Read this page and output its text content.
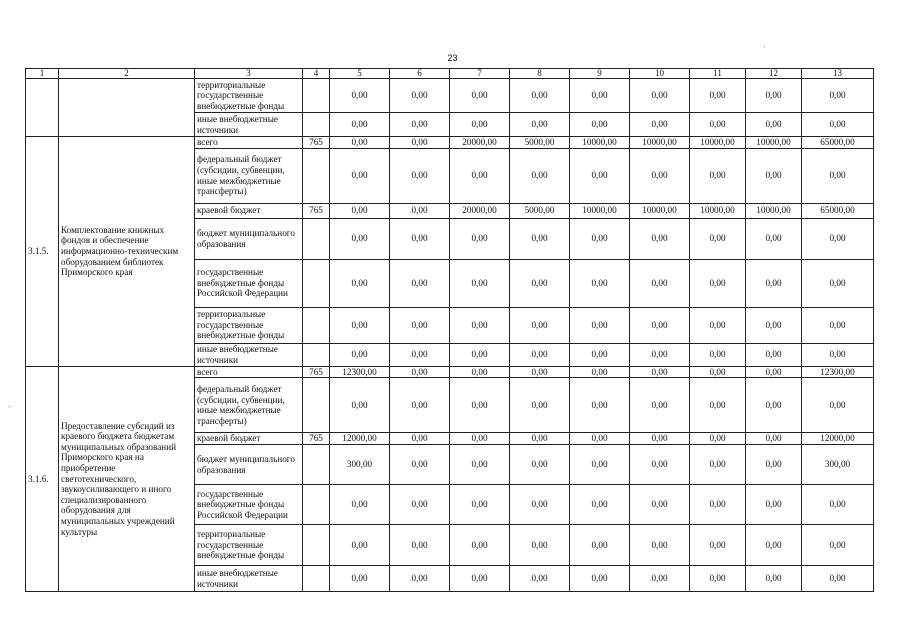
23
1	2	3	4	5	6	7	8	9	10	11	12	13
		территориальные государственные внебюджетные фонды		0,00	0,00	0,00	0,00	0,00	0,00	0,00	0,00	0,00
		иные внебюджетные источники		0,00	0,00	0,00	0,00	0,00	0,00	0,00	0,00	0,00
3.1.5.	Комплектование книжных фондов и обеспечение информационно-техническим оборудованием библиотек Приморского края	всего	765	0,00	0,00	20000,00	5000,00	10000,00	10000,00	10000,00	10000,00	65000,00
		федеральный бюджет (субсидии, субвенции, иные межбюджетные трансферты)		0,00	0,00	0,00	0,00	0,00	0,00	0,00	0,00	0,00
		краевой бюджет	765	0,00	0,00	20000,00	5000,00	10000,00	10000,00	10000,00	10000,00	65000,00
		бюджет муниципального образования		0,00	0,00	0,00	0,00	0,00	0,00	0,00	0,00	0,00
		государственные внебюджетные фонды Российской Федерации		0,00	0,00	0,00	0,00	0,00	0,00	0,00	0,00	0,00
		территориальные государственные внебюджетные фонды		0,00	0,00	0,00	0,00	0,00	0,00	0,00	0,00	0,00
		иные внебюджетные источники		0,00	0,00	0,00	0,00	0,00	0,00	0,00	0,00	0,00
3.1.6.	Предоставление субсидий из краевого бюджета бюджетам муниципальных образований Приморского края на приобретение светотехнического, звукоусиливающего и иного специализированного оборудования для муниципальных учреждений культуры	всего	765	12300,00	0,00	0,00	0,00	0,00	0,00	0,00	0,00	12300,00
		федеральный бюджет (субсидии, субвенции, иные межбюджетные трансферты)		0,00	0,00	0,00	0,00	0,00	0,00	0,00	0,00	0,00
		краевой бюджет	765	12000,00	0,00	0,00	0,00	0,00	0,00	0,00	0,00	12000,00
		бюджет муниципального образования		300,00	0,00	0,00	0,00	0,00	0,00	0,00	0,00	300,00
		государственные внебюджетные фонды Российской Федерации		0,00	0,00	0,00	0,00	0,00	0,00	0,00	0,00	0,00
		территориальные государственные внебюджетные фонды		0,00	0,00	0,00	0,00	0,00	0,00	0,00	0,00	0,00
		иные внебюджетные источники		0,00	0,00	0,00	0,00	0,00	0,00	0,00	0,00	0,00
